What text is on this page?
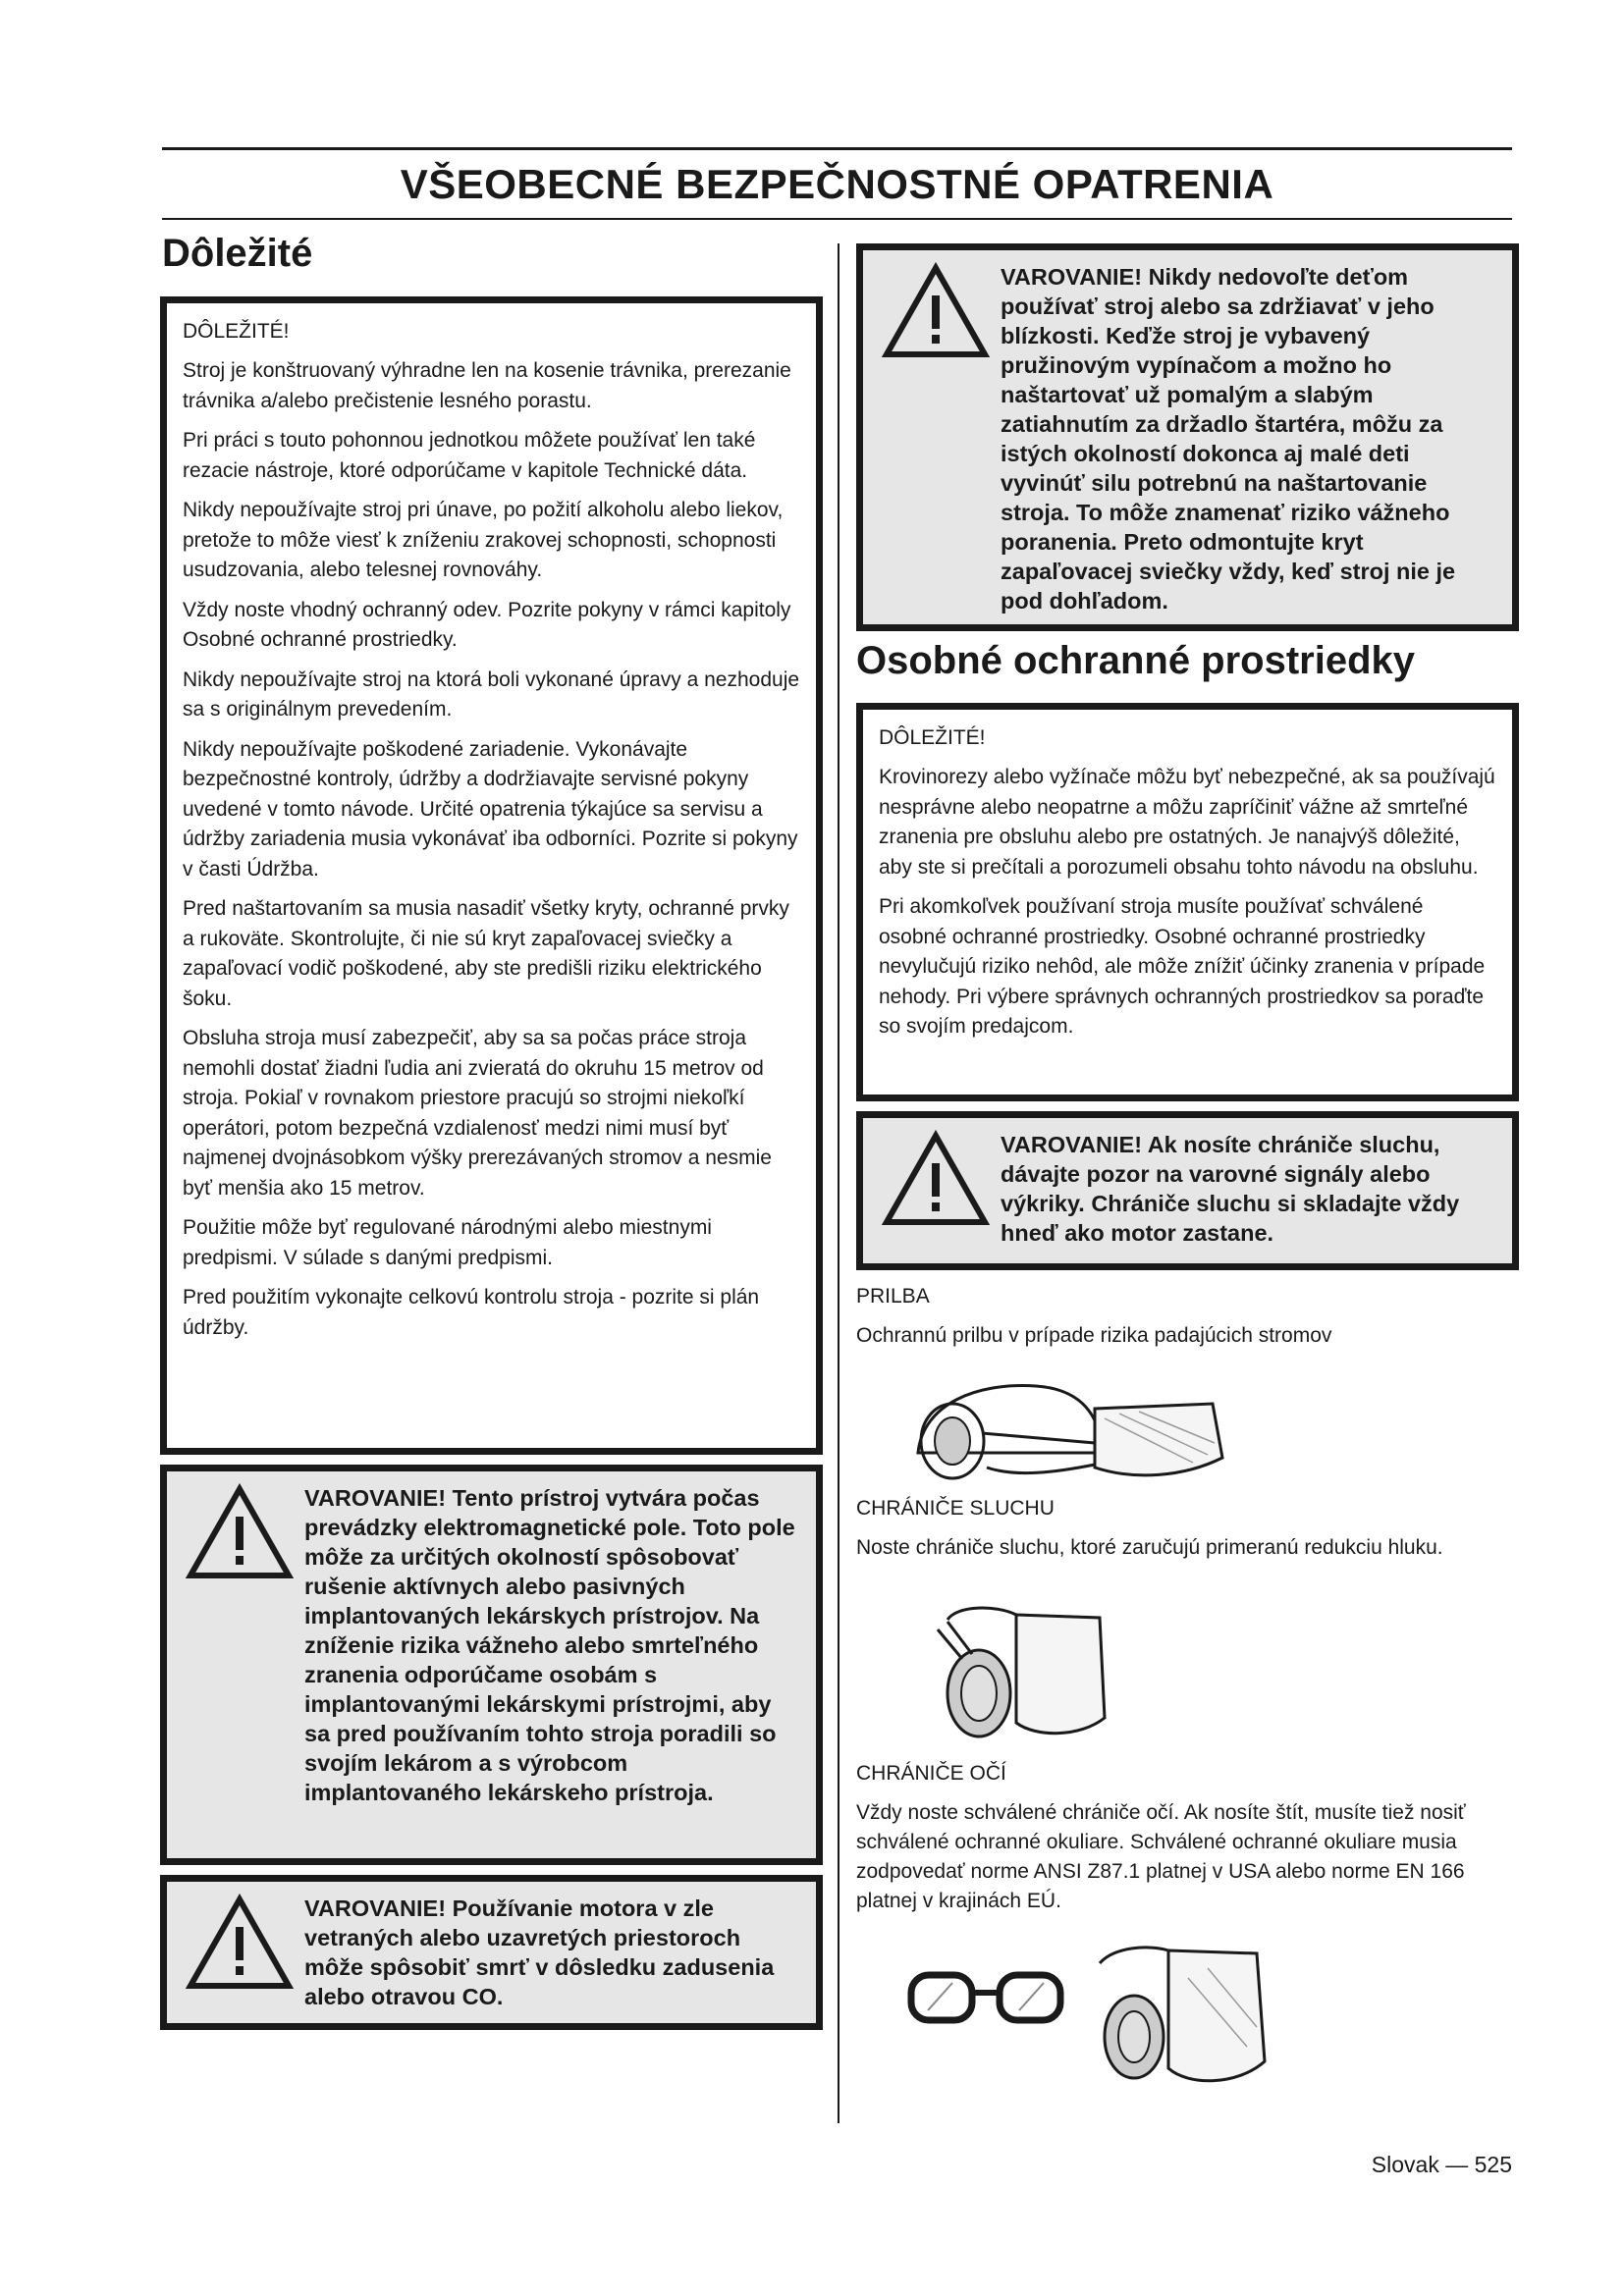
VŠEOBECNÉ BEZPEČNOSTNÉ OPATRENIA
Dôležité
DÔLEŽITÉ!

Stroj je konštruovaný výhradne len na kosenie trávnika, prerezanie trávnika a/alebo prečistenie lesného porastu.

Pri práci s touto pohonnou jednotkou môžete používať len také rezacie nástroje, ktoré odporúčame v kapitole Technické dáta.

Nikdy nepoužívajte stroj pri únave, po požití alkoholu alebo liekov, pretože to môže viesť k zníženiu zrakovej schopnosti, schopnosti usudzovania, alebo telesnej rovnováhy.

Vždy noste vhodný ochranný odev. Pozrite pokyny v rámci kapitoly Osobné ochranné prostriedky.

Nikdy nepoužívajte stroj na ktorá boli vykonané úpravy a nezhoduje sa s originálnym prevedením.

Nikdy nepoužívajte poškodené zariadenie. Vykonávajte bezpečnostné kontroly, údržby a dodržiavajte servisné pokyny uvedené v tomto návode. Určité opatrenia týkajúce sa servisu a údržby zariadenia musia vykonávať iba odborníci. Pozrite si pokyny v časti Údržba.

Pred naštartovaním sa musia nasadiť všetky kryty, ochranné prvky a rukoväte. Skontrolujte, či nie sú kryt zapaľovacej sviečky a zapaľovací vodič poškodené, aby ste predišli riziku elektrického šoku.

Obsluha stroja musí zabezpečiť, aby sa sa počas práce stroja nemohli dostať žiadni ľudia ani zvieratá do okruhu 15 metrov od stroja. Pokiaľ v rovnakom priestore pracujú so strojmi niekoľkí operátori, potom bezpečná vzdialenosť medzi nimi musí byť najmenej dvojnásobkom výšky prerezávaných stromov a nesmie byť menšia ako 15 metrov.

Použitie môže byť regulované národnými alebo miestnymi predpismi. V súlade s danými predpismi.

Pred použitím vykonajte celkovú kontrolu stroja - pozrite si plán údržby.

VAROVANIE! Tento prístroj vytvára počas prevádzky elektromagnetické pole. Toto pole môže za určitých okolností spôsobovať rušenie aktívnych alebo pasivných implantovaných lekárskych prístrojov. Na zníženie rizika vážneho alebo smrteľného zranenia odporúčame osobám s implantovanými lekárskymi prístrojmi, aby sa pred používaním tohto stroja poradili so svojím lekárom a s výrobcom implantovaného lekárskeho prístroja.

VAROVANIE! Používanie motora v zle vetraných alebo uzavretých priestoroch môže spôsobiť smrť v dôsledku zadusenia alebo otravou CO.

VAROVANIE! Nikdy nedovoľte deťom používať stroj alebo sa zdržiavať v jeho blízkosti. Keďže stroj je vybavený pružinovým vypínačom a možno ho naštartovať už pomalým a slabým zatiahnutím za držadlo štartéra, môžu za istých okolností dokonca aj malé deti vyvinúť silu potrebnú na naštartovanie stroja. To môže znamenať riziko vážneho poranenia. Preto odmontujte kryt zapaľovacej sviečky vždy, keď stroj nie je pod dohľadom.

Osobné ochranné prostriedky
DÔLEŽITÉ!

Krovinorezy alebo vyžínače môžu byť nebezpečné, ak sa používajú nesprávne alebo neopatrne a môžu zapríčiniť vážne až smrteľné zranenia pre obsluhu alebo pre ostatných. Je nanajvýš dôležité, aby ste si prečítali a porozumeli obsahu tohto návodu na obsluhu.

Pri akomkoľvek používaní stroja musíte používať schválené osobné ochranné prostriedky. Osobné ochranné prostriedky nevylučujú riziko nehôd, ale môže znížiť účinky zranenia v prípade nehody. Pri výbere správnych ochranných prostriedkov sa poraďte so svojím predajcom.

VAROVANIE! Ak nosíte chrániče sluchu, dávajte pozor na varovné signály alebo výkriky. Chrániče sluchu si skladajte vždy hneď ako motor zastane.

PRILBA

Ochrannú prilbu v prípade rizika padajúcich stromov

CHRÁNIČE SLUCHU

Noste chrániče sluchu, ktoré zaručujú primeranú redukciu hluku.

CHRÁNIČE OČÍ

Vždy noste schválené chrániče očí. Ak nosíte štít, musíte tiež nosiť schválené ochranné okuliare. Schválené ochranné okuliare musia zodpovedať norme ANSI Z87.1 platnej v USA alebo norme EN 166 platnej v krajinách EÚ.

Slovak — 525
